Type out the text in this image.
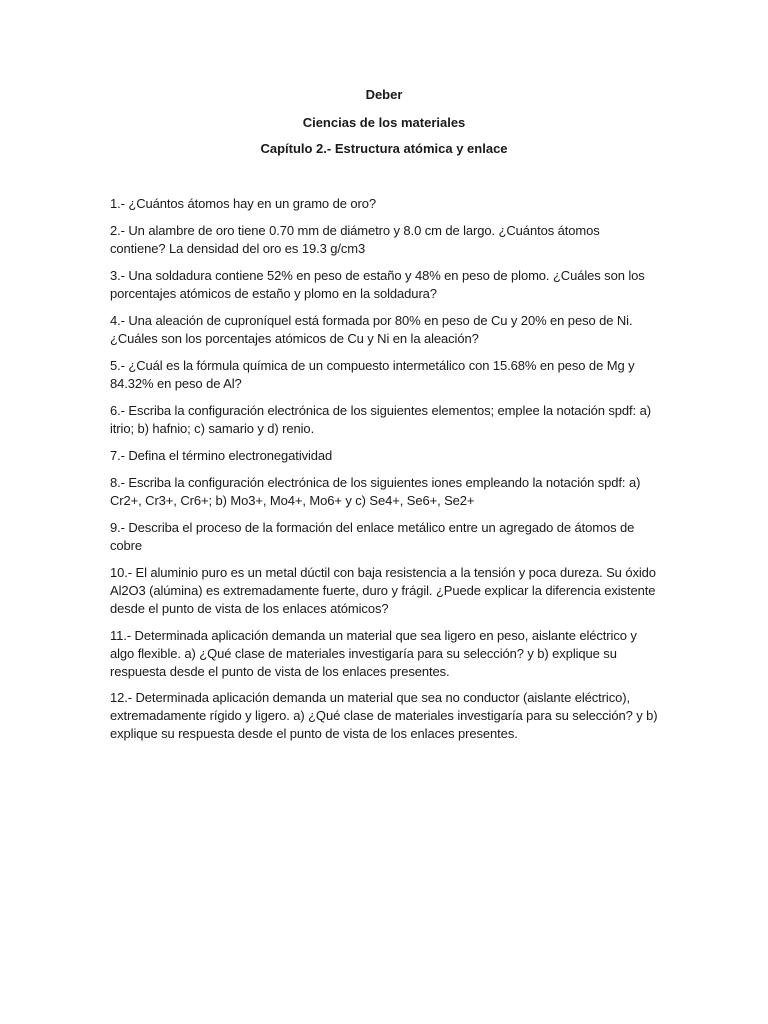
Deber
Ciencias de los materiales
Capítulo 2.- Estructura atómica y enlace
1.- ¿Cuántos átomos hay en un gramo de oro?
2.- Un alambre de oro tiene 0.70 mm de diámetro y 8.0 cm de largo. ¿Cuántos átomos contiene? La densidad del oro es 19.3 g/cm3
3.- Una soldadura contiene 52% en peso de estaño y 48% en peso de plomo. ¿Cuáles son los porcentajes atómicos de estaño y plomo en la soldadura?
4.- Una aleación de cuproníquel está formada por 80% en peso de Cu y 20% en peso de Ni. ¿Cuáles son los porcentajes atómicos de Cu y Ni en la aleación?
5.- ¿Cuál es la fórmula química de un compuesto intermetálico con 15.68% en peso de Mg y 84.32% en peso de Al?
6.- Escriba la configuración electrónica de los siguientes elementos; emplee la notación spdf: a) itrio; b) hafnio; c) samario y d) renio.
7.- Defina el término electronegatividad
8.- Escriba la configuración electrónica de los siguientes iones empleando la notación spdf: a) Cr2+, Cr3+, Cr6+; b) Mo3+, Mo4+, Mo6+ y c) Se4+, Se6+, Se2+
9.- Describa el proceso de la formación del enlace metálico entre un agregado de átomos de cobre
10.- El aluminio puro es un metal dúctil con baja resistencia a la tensión y poca dureza. Su óxido Al2O3 (alúmina) es extremadamente fuerte, duro y frágil. ¿Puede explicar la diferencia existente desde el punto de vista de los enlaces atómicos?
11.- Determinada aplicación demanda un material que sea ligero en peso, aislante eléctrico y algo flexible. a) ¿Qué clase de materiales investigaría para su selección? y b) explique su respuesta desde el punto de vista de los enlaces presentes.
12.- Determinada aplicación demanda un material que sea no conductor (aislante eléctrico), extremadamente rígido y ligero. a) ¿Qué clase de materiales investigaría para su selección? y b) explique su respuesta desde el punto de vista de los enlaces presentes.
